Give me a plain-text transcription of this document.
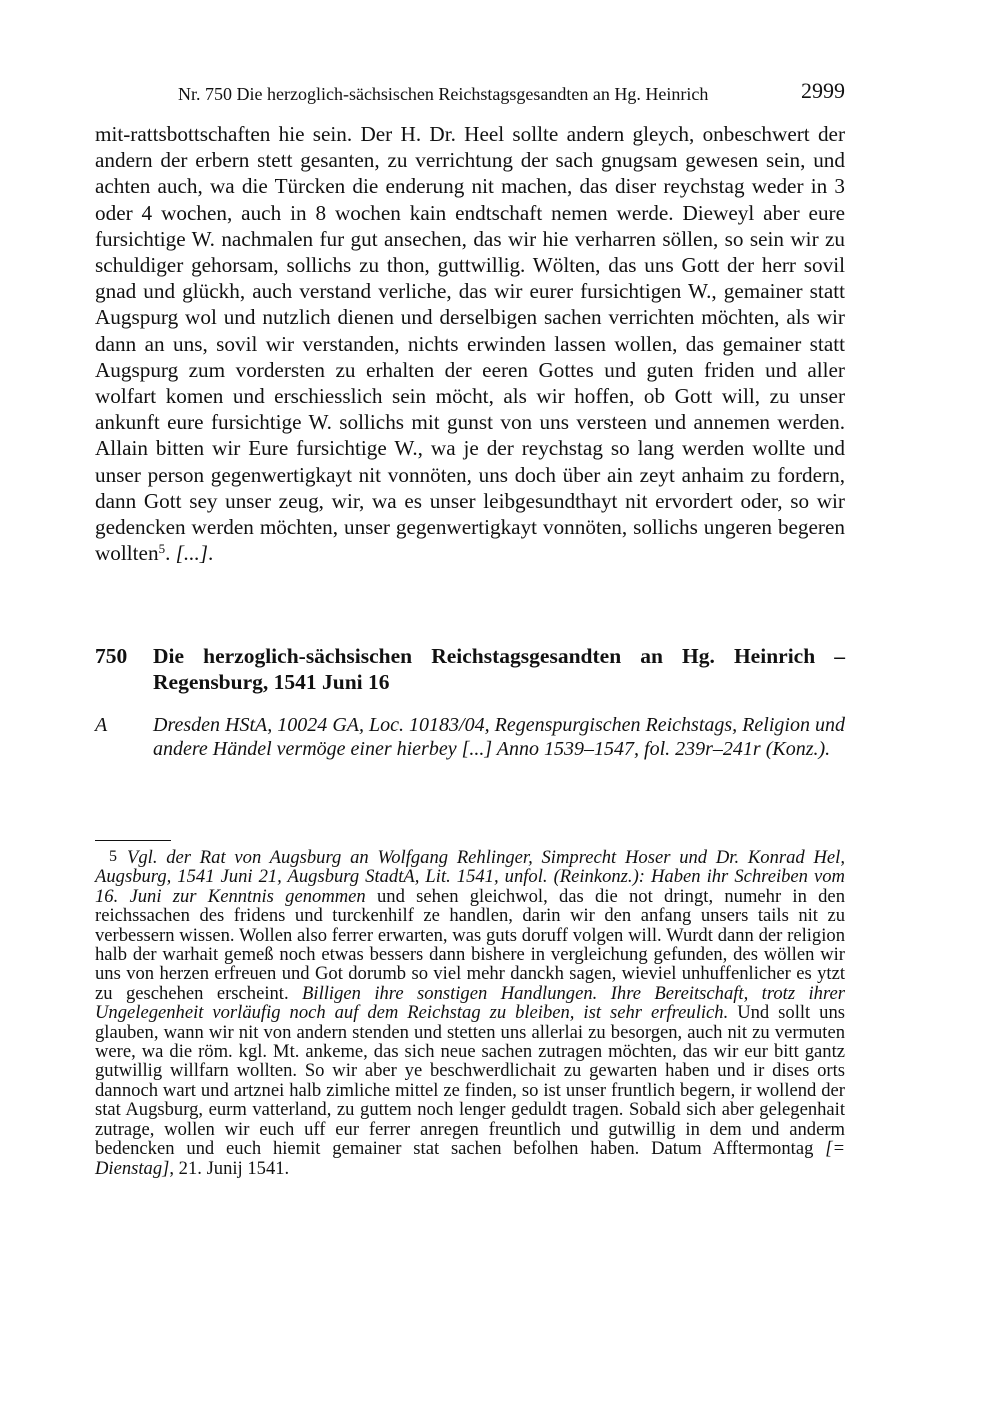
Nr. 750 Die herzoglich-sächsischen Reichstagsgesandten an Hg. Heinrich	2999

mit-rattsbottschaften hie sein. Der H. Dr. Heel sollte andern gleych, onbeschwert der andern der erbern stett gesanten, zu verrichtung der sach gnugsam gewesen sein, und achten auch, wa die Türcken die enderung nit machen, das diser reychstag weder in 3 oder 4 wochen, auch in 8 wochen kain endtschaft nemen werde. Dieweyl aber eure fursichtige W. nachmalen fur gut ansechen, das wir hie verharren söllen, so sein wir zu schuldiger gehorsam, sollichs zu thon, guttwillig. Wölten, das uns Gott der herr sovil gnad und glückh, auch verstand verliche, das wir eurer fursichtigen W., gemainer statt Augspurg wol und nutzlich dienen und derselbigen sachen verrichten möchten, als wir dann an uns, sovil wir verstanden, nichts erwinden lassen wollen, das gemainer statt Augspurg zum vordersten zu erhalten der eeren Gottes und guten friden und aller wolfart komen und erschiesslich sein möcht, als wir hoffen, ob Gott will, zu unser ankunft eure fursichtige W. sollichs mit gunst von uns versteen und annemen werden. Allain bitten wir Eure fursichtige W., wa je der reychstag so lang werden wollte und unser person gegenwertigkayt nit vonnöten, uns doch über ain zeyt anhaim zu fordern, dann Gott sey unser zeug, wir, wa es unser leibgesundthayt nit ervordert oder, so wir gedencken werden möchten, unser gegenwertigkayt vonnöten, sollichs ungeren begeren wollten$^5$. [...].

750 Die herzoglich-sächsischen Reichstagsgesandten an Hg. Heinrich – Regensburg, 1541 Juni 16
A Dresden HStA, 10024 GA, Loc. 10183/04, Regenspurgischen Reichstags, Religion und andere Händel vermöge einer hierbey [...] Anno 1539–1547, fol. 239r–241r (Konz.).
5 Vgl. der Rat von Augsburg an Wolfgang Rehlinger, Simprecht Hoser und Dr. Konrad Hel, Augsburg, 1541 Juni 21, Augsburg StadtA, Lit. 1541, unfol. (Reinkonz.): Haben ihr Schreiben vom 16. Juni zur Kenntnis genommen und sehen gleichwol, das die not dringt, numehr in den reichssachen des fridens und turckenhilf ze handlen, darin wir den anfang unsers tails nit zu verbessern wissen. Wollen also ferrer erwarten, was guts doruff volgen will. Wurdt dann der religion halb der warhait gemeß noch etwas bessers dann bishere in vergleichung gefunden, des wöllen wir uns von herzen erfreuen und Got dorumb so viel mehr danckh sagen, wieviel unhuffenlicher es ytzt zu geschehen erscheint. Billigen ihre sonstigen Handlungen. Ihre Bereitschaft, trotz ihrer Ungelegenheit vorläufig noch auf dem Reichstag zu bleiben, ist sehr erfreulich. Und sollt uns glauben, wann wir nit von andern stenden und stetten uns allerlai zu besorgen, auch nit zu vermuten were, wa die röm. kgl. Mt. ankeme, das sich neue sachen zutragen möchten, das wir eur bitt gantz gutwillig willfarn wollten. So wir aber ye beschwerdlichait zu gewarten haben und ir dises orts dannoch wart und artznei halb zimliche mittel ze finden, so ist unser fruntlich begern, ir wollend der stat Augsburg, eurm vatterland, zu guttem noch lenger geduldt tragen. Sobald sich aber gelegenhait zutrage, wollen wir euch uff eur ferrer anregen freuntlich und gutwillig in dem und anderm bedencken und euch hiemit gemainer stat sachen befolhen haben. Datum Afftermontag [= Dienstag], 21. Junij 1541.
